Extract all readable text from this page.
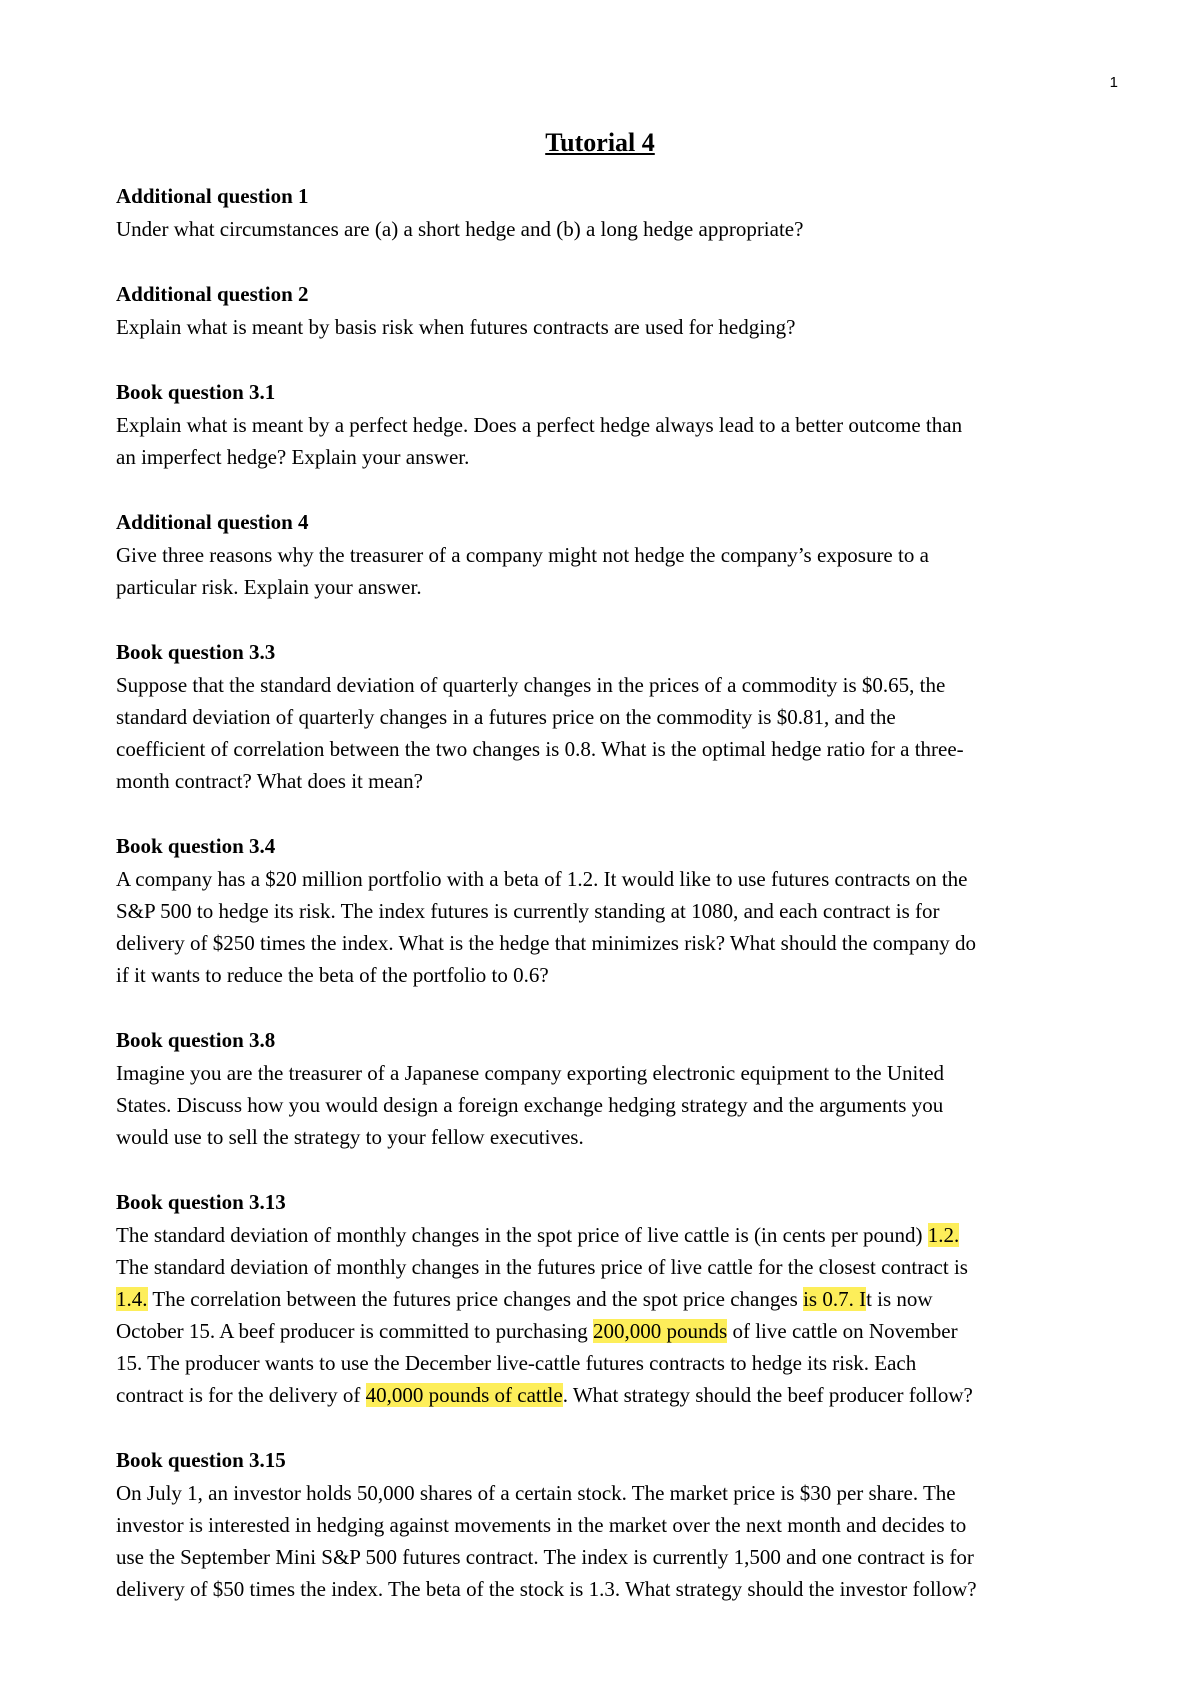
1
Tutorial 4
Additional question 1
Under what circumstances are (a) a short hedge and (b) a long hedge appropriate?
Additional question 2
Explain what is meant by basis risk when futures contracts are used for hedging?
Book question 3.1
Explain what is meant by a perfect hedge. Does a perfect hedge always lead to a better outcome than
an imperfect hedge? Explain your answer.
Additional question 4
Give three reasons why the treasurer of a company might not hedge the company’s exposure to a
particular risk. Explain your answer.
Book question 3.3
Suppose that the standard deviation of quarterly changes in the prices of a commodity is $0.65, the
standard deviation of quarterly changes in a futures price on the commodity is $0.81, and the
coefficient of correlation between the two changes is 0.8. What is the optimal hedge ratio for a three-
month contract? What does it mean?
Book question 3.4
A company has a $20 million portfolio with a beta of 1.2. It would like to use futures contracts on the
S&P 500 to hedge its risk. The index futures is currently standing at 1080, and each contract is for
delivery of $250 times the index. What is the hedge that minimizes risk? What should the company do
if it wants to reduce the beta of the portfolio to 0.6?
Book question 3.8
Imagine you are the treasurer of a Japanese company exporting electronic equipment to the United
States. Discuss how you would design a foreign exchange hedging strategy and the arguments you
would use to sell the strategy to your fellow executives.
Book question 3.13
The standard deviation of monthly changes in the spot price of live cattle is (in cents per pound) 1.2.
The standard deviation of monthly changes in the futures price of live cattle for the closest contract is
1.4. The correlation between the futures price changes and the spot price changes is 0.7. It is now
October 15. A beef producer is committed to purchasing 200,000 pounds of live cattle on November
15. The producer wants to use the December live-cattle futures contracts to hedge its risk. Each
contract is for the delivery of 40,000 pounds of cattle. What strategy should the beef producer follow?
Book question 3.15
On July 1, an investor holds 50,000 shares of a certain stock. The market price is $30 per share. The
investor is interested in hedging against movements in the market over the next month and decides to
use the September Mini S&P 500 futures contract. The index is currently 1,500 and one contract is for
delivery of $50 times the index. The beta of the stock is 1.3. What strategy should the investor follow?
